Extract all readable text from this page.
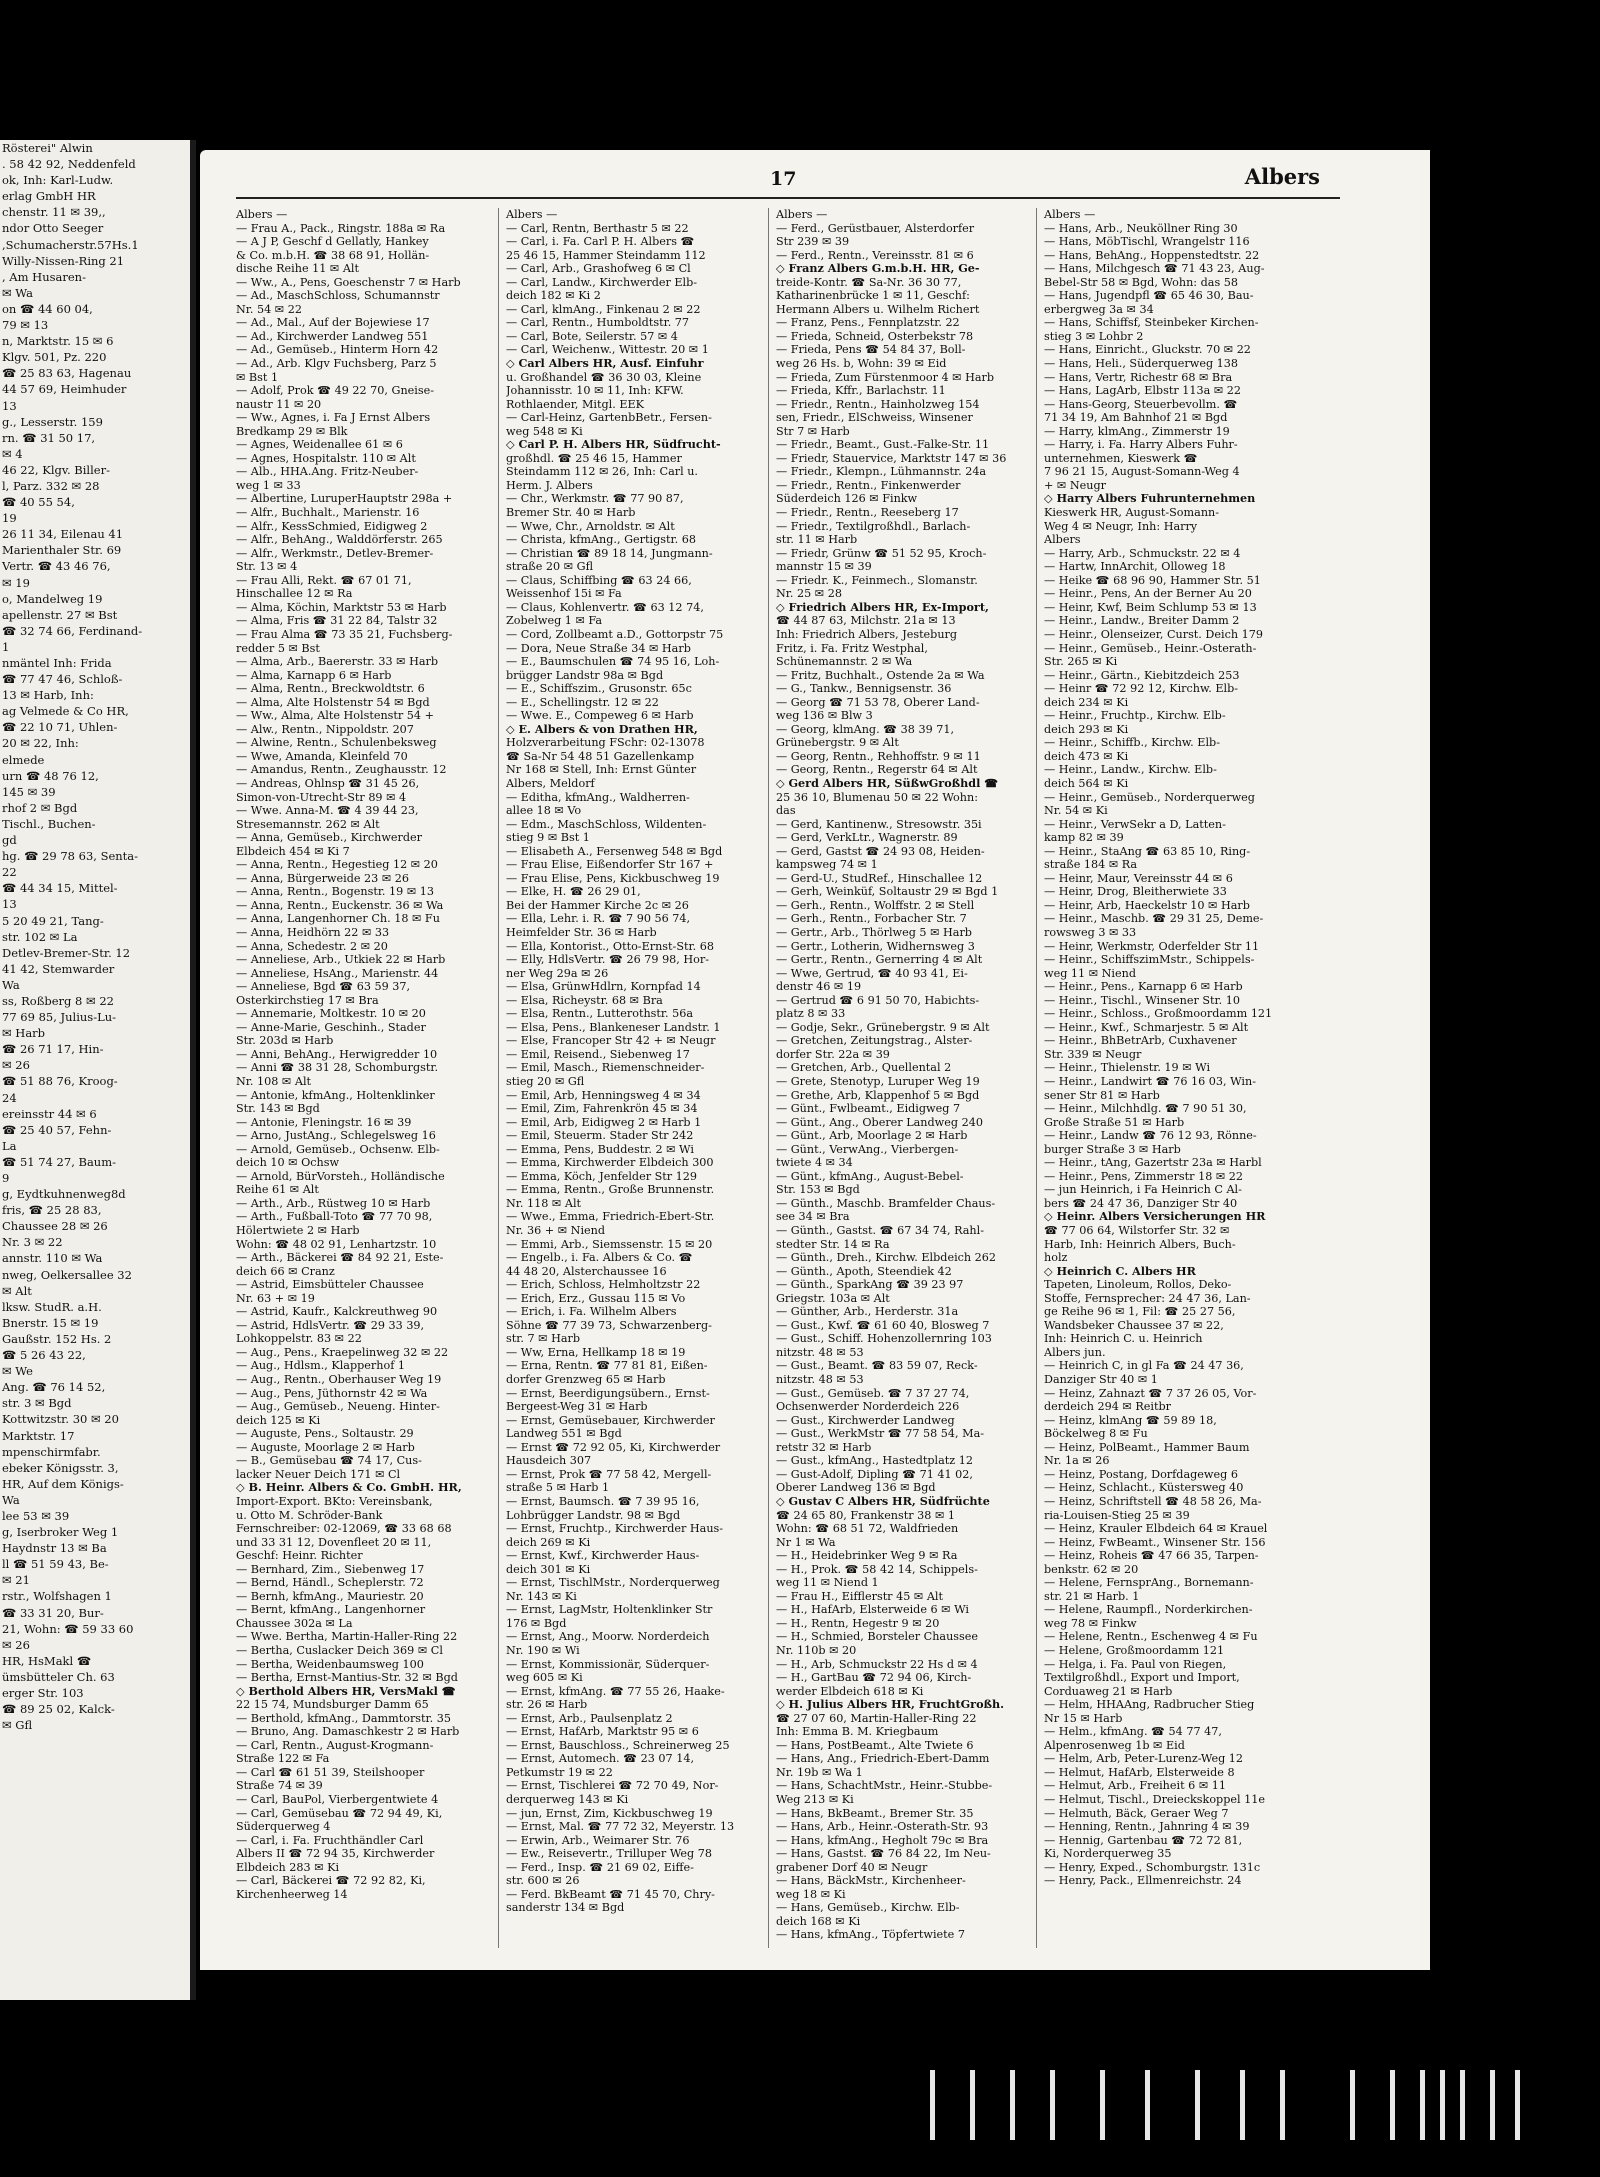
Rösterei" Alwin
. 58 42 92, Neddenfeld
ok, Inh: Karl-Ludw.
erlag GmbH HR
chenstr. 11 ✉ 39,,
ndor Otto Seeger
,Schumacherstr.57Hs.1
Willy-Nissen-Ring 21
, Am Husaren-
✉ Wa
on ☎ 44 60 04,
79 ✉ 13
n, Marktstr. 15 ✉ 6
Klgv. 501, Pz. 220
☎ 25 83 63, Hagenau
44 57 69, Heimhuder
13
g., Lesserstr. 159
rn. ☎ 31 50 17,
✉ 4
46 22, Klgv. Biller-
l, Parz. 332 ✉ 28
☎ 40 55 54,
19
26 11 34, Eilenau 41
Marienthaler Str. 69
Vertr. ☎ 43 46 76,
✉ 19
o, Mandelweg 19
apellenstr. 27 ✉ Bst
☎ 32 74 66, Ferdinand-
1
nmäntel Inh: Frida
☎ 77 47 46, Schloß-
13 ✉ Harb, Inh:
ag Velmede & Co HR,
☎ 22 10 71, Uhlen-
20 ✉ 22, Inh:
elmede
urn ☎ 48 76 12,
145 ✉ 39
rhof 2 ✉ Bgd
Tischl., Buchen-
gd
hg. ☎ 29 78 63, Senta-
22
☎ 44 34 15, Mittel-
13
5 20 49 21, Tang-
str. 102 ✉ La
Detlev-Bremer-Str. 12
41 42, Stemwarder
Wa
ss, Roßberg 8 ✉ 22
77 69 85, Julius-Lu-
✉ Harb
☎ 26 71 17, Hin-
✉ 26
☎ 51 88 76, Kroog-
24
ereinsstr 44 ✉ 6
☎ 25 40 57, Fehn-
La
☎ 51 74 27, Baum-
9
g, Eydtkuhnenweg8d
fris, ☎ 25 28 83,
Chaussee 28 ✉ 26
Nr. 3 ✉ 22
annstr. 110 ✉ Wa
nweg, Oelkersallee 32
✉ Alt
lksw. StudR. a.H.
Bnerstr. 15 ✉ 19
Gaußstr. 152 Hs. 2
☎ 5 26 43 22,
✉ We
Ang. ☎ 76 14 52,
str. 3 ✉ Bgd
Kottwitzstr. 30 ✉ 20
Marktstr. 17
mpenschirmfabr.
ebeker Königsstr. 3,
HR, Auf dem Königs-
Wa
lee 53 ✉ 39
g, Iserbroker Weg 1
Haydnstr 13 ✉ Ba
ll ☎ 51 59 43, Be-
✉ 21
rstr., Wolfshagen 1
☎ 33 31 20, Bur-
21, Wohn: ☎ 59 33 60
✉ 26
HR, HsMakl ☎
ümsbütteler Ch. 63
erger Str. 103
☎ 89 25 02, Kalck-
✉ Gfl
17	Albers
Albers —
— Frau A., Pack., Ringstr. 188a ✉ Ra
— A J P, Geschf d Gellatly, Hankey
& Co. m.b.H. ☎ 38 68 91, Hollän-
dische Reihe 11 ✉ Alt
— Ww., A., Pens, Goeschenstr 7 ✉ Harb
— Ad., MaschSchloss, Schumannstr
Nr. 54 ✉ 22
— Ad., Mal., Auf der Bojewiese 17
— Ad., Kirchwerder Landweg 551
— Ad., Gemüseb., Hinterm Horn 42
— Ad., Arb. Klgv Fuchsberg, Parz 5
✉ Bst 1
— Adolf, Prok ☎ 49 22 70, Gneise-
naustr 11 ✉ 20
— Ww., Agnes, i. Fa J Ernst Albers
Bredkamp 29 ✉ Blk
— Agnes, Weidenallee 61 ✉ 6
— Agnes, Hospitalstr. 110 ✉ Alt
— Alb., HHA.Ang. Fritz-Neuber-
weg 1 ✉ 33
— Albertine, LuruperHauptstr 298a +
— Alfr., Buchhalt., Marienstr. 16
— Alfr., KessSchmied, Eidigweg 2
— Alfr., BehAng., Walddörferstr. 265
— Alfr., Werkmstr., Detlev-Bremer-
Str. 13 ✉ 4
— Frau Alli, Rekt. ☎ 67 01 71,
Hinschallee 12 ✉ Ra
— Alma, Köchin, Marktstr 53 ✉ Harb
— Alma, Fris ☎ 31 22 84, Talstr 32
— Frau Alma ☎ 73 35 21, Fuchsberg-
redder 5 ✉ Bst
— Alma, Arb., Baererstr. 33 ✉ Harb
— Alma, Karnapp 6 ✉ Harb
— Alma, Rentn., Breckwoldtstr. 6
— Alma, Alte Holstenstr 54 ✉ Bgd
— Ww., Alma, Alte Holstenstr 54 +
— Alw., Rentn., Nippoldstr. 207
— Alwine, Rentn., Schulenbeksweg
— Wwe, Amanda, Kleinfeld 70
— Amandus, Rentn., Zeughausstr. 12
— Andreas, Ohlnsp ☎ 31 45 26,
Simon-von-Utrecht-Str 89 ✉ 4
— Wwe. Anna-M. ☎ 4 39 44 23,
Stresemannstr. 262 ✉ Alt
— Anna, Gemüseb., Kirchwerder
Elbdeich 454 ✉ Ki 7
— Anna, Rentn., Hegestieg 12 ✉ 20
— Anna, Bürgerweide 23 ✉ 26
— Anna, Rentn., Bogenstr. 19 ✉ 13
— Anna, Rentn., Euckenstr. 36 ✉ Wa
— Anna, Langenhorner Ch. 18 ✉ Fu
— Anna, Heidhörn 22 ✉ 33
— Anna, Schedestr. 2 ✉ 20
— Anneliese, Arb., Utkiek 22 ✉ Harb
— Anneliese, HsAng., Marienstr. 44
— Anneliese, Bgd ☎ 63 59 37,
Osterkirchstieg 17 ✉ Bra
— Annemarie, Moltkestr. 10 ✉ 20
— Anne-Marie, Geschinh., Stader
Str. 203d ✉ Harb
— Anni, BehAng., Herwigredder 10
— Anni ☎ 38 31 28, Schomburgstr.
Nr. 108 ✉ Alt
— Antonie, kfmAng., Holtenklinker
Str. 143 ✉ Bgd
— Antonie, Fleningstr. 16 ✉ 39
— Arno, JustAng., Schlegelsweg 16
— Arnold, Gemüseb., Ochsenw. Elb-
deich 10 ✉ Ochsw
— Arnold, BürVorsteh., Holländische
Reihe 61 ✉ Alt
— Arth., Arb., Rüstweg 10 ✉ Harb
— Arth., Fußball-Toto ☎ 77 70 98,
Hölertwiete 2 ✉ Harb
Wohn: ☎ 48 02 91, Lenhartzstr. 10
— Arth., Bäckerei ☎ 84 92 21, Este-
deich 66 ✉ Cranz
— Astrid, Eimsbütteler Chaussee
Nr. 63 + ✉ 19
— Astrid, Kaufr., Kalckreuthweg 90
— Astrid, HdlsVertr. ☎ 29 33 39,
Lohkoppelstr. 83 ✉ 22
— Aug., Pens., Kraepelinweg 32 ✉ 22
— Aug., Hdlsm., Klapperhof 1
— Aug., Rentn., Oberhauser Weg 19
— Aug., Pens, Jüthornstr 42 ✉ Wa
— Aug., Gemüseb., Neueng. Hinter-
deich 125 ✉ Ki
— Auguste, Pens., Soltaustr. 29
— Auguste, Moorlage 2 ✉ Harb
— B., Gemüsebau ☎ 74 17, Cus-
lacker Neuer Deich 171 ✉ Cl
◇ B. Heinr. Albers & Co. GmbH. HR,
Import-Export. BKto: Vereinsbank,
u. Otto M. Schröder-Bank
Fernschreiber: 02-12069, ☎ 33 68 68
und 33 31 12, Dovenfleet 20 ✉ 11,
Geschf: Heinr. Richter
— Bernhard, Zim., Siebenweg 17
— Bernd, Händl., Scheplerstr. 72
— Bernh, kfmAng., Mauriestr. 20
— Bernt, kfmAng., Langenhorner
Chaussee 302a ✉ La
— Wwe. Bertha, Martin-Haller-Ring 22
— Bertha, Cuslacker Deich 369 ✉ Cl
— Bertha, Weidenbaumsweg 100
— Bertha, Ernst-Mantius-Str. 32 ✉ Bgd
◇ Berthold Albers HR, VersMakl ☎
22 15 74, Mundsburger Damm 65
— Berthold, kfmAng., Dammtorstr. 35
— Bruno, Ang. Damaschkestr 2 ✉ Harb
— Carl, Rentn., August-Krogmann-
Straße 122 ✉ Fa
— Carl ☎ 61 51 39, Steilshooper
Straße 74 ✉ 39
— Carl, BauPol, Vierbergentwiete 4
— Carl, Gemüsebau ☎ 72 94 49, Ki,
Süderquerweg 4
— Carl, i. Fa. Fruchthändler Carl
Albers II ☎ 72 94 35, Kirchwerder
Elbdeich 283 ✉ Ki
— Carl, Bäckerei ☎ 72 92 82, Ki,
Kirchenheerweg 14
Albers —
— Carl, Rentn, Berthastr 5 ✉ 22
— Carl, i. Fa. Carl P. H. Albers ☎
25 46 15, Hammer Steindamm 112
— Carl, Arb., Grashofweg 6 ✉ Cl
— Carl, Landw., Kirchwerder Elb-
deich 182 ✉ Ki 2
— Carl, klmAng., Finkenau 2 ✉ 22
— Carl, Rentn., Humboldtstr. 77
— Carl, Bote, Seilerstr. 57 ✉ 4
— Carl, Weichenw., Wittestr. 20 ✉ 1
◇ Carl Albers HR, Ausf. Einfuhr
u. Großhandel ☎ 36 30 03, Kleine
Johannisstr. 10 ✉ 11, Inh: KFW.
Rothlaender, Mitgl. EEK
— Carl-Heinz, GartenbBetr., Fersen-
weg 548 ✉ Ki
◇ Carl P. H. Albers HR, Südfrucht-
großhdl. ☎ 25 46 15, Hammer
Steindamm 112 ✉ 26, Inh: Carl u.
Herm. J. Albers
— Chr., Werkmstr. ☎ 77 90 87,
Bremer Str. 40 ✉ Harb
— Wwe, Chr., Arnoldstr. ✉ Alt
— Christa, kfmAng., Gertigstr. 68
— Christian ☎ 89 18 14, Jungmann-
straße 20 ✉ Gfl
— Claus, Schiffbing ☎ 63 24 66,
Weissenhof 15i ✉ Fa
— Claus, Kohlenvertr. ☎ 63 12 74,
Zobelweg 1 ✉ Fa
— Cord, Zollbeamt a.D., Gottorpstr 75
— Dora, Neue Straße 34 ✉ Harb
— E., Baumschulen ☎ 74 95 16, Loh-
brügger Landstr 98a ✉ Bgd
— E., Schiffszim., Grusonstr. 65c
— E., Schellingstr. 12 ✉ 22
— Wwe. E., Compeweg 6 ✉ Harb
◇ E. Albers & von Drathen HR,
Holzverarbeitung FSchr: 02-13078
☎ Sa-Nr 54 48 51 Gazellenkamp
Nr 168 ✉ Stell, Inh: Ernst Günter
Albers, Meldorf
— Editha, kfmAng., Waldherren-
allee 18 ✉ Vo
— Edm., MaschSchloss, Wildenten-
stieg 9 ✉ Bst 1
— Elisabeth A., Fersenweg 548 ✉ Bgd
— Frau Elise, Eißendorfer Str 167 +
— Frau Elise, Pens, Kickbuschweg 19
— Elke, H. ☎ 26 29 01,
Bei der Hammer Kirche 2c ✉ 26
— Ella, Lehr. i. R. ☎ 7 90 56 74,
Heimfelder Str. 36 ✉ Harb
— Ella, Kontorist., Otto-Ernst-Str. 68
— Elly, HdlsVertr. ☎ 26 79 98, Hor-
ner Weg 29a ✉ 26
— Elsa, GrünwHdlrn, Kornpfad 14
— Elsa, Richeystr. 68 ✉ Bra
— Elsa, Rentn., Lutterothstr. 56a
— Elsa, Pens., Blankeneser Landstr. 1
— Else, Francoper Str 42 + ✉ Neugr
— Emil, Reisend., Siebenweg 17
— Emil, Masch., Riemenschneider-
stieg 20 ✉ Gfl
— Emil, Arb, Henningsweg 4 ✉ 34
— Emil, Zim, Fahrenkrön 45 ✉ 34
— Emil, Arb, Eidigweg 2 ✉ Harb 1
— Emil, Steuerm. Stader Str 242
— Emma, Pens, Buddestr. 2 ✉ Wi
— Emma, Kirchwerder Elbdeich 300
— Emma, Köch, Jenfelder Str 129
— Emma, Rentn., Große Brunnenstr.
Nr. 118 ✉ Alt
— Wwe., Emma, Friedrich-Ebert-Str.
Nr. 36 + ✉ Niend
— Emmi, Arb., Siemssenstr. 15 ✉ 20
— Engelb., i. Fa. Albers & Co. ☎
44 48 20, Alsterchaussee 16
— Erich, Schloss, Helmholtzstr 22
— Erich, Erz., Gussau 115 ✉ Vo
— Erich, i. Fa. Wilhelm Albers
Söhne ☎ 77 39 73, Schwarzenberg-
str. 7 ✉ Harb
— Ww, Erna, Hellkamp 18 ✉ 19
— Erna, Rentn. ☎ 77 81 81, Eißen-
dorfer Grenzweg 65 ✉ Harb
— Ernst, Beerdigungsübern., Ernst-
Bergeest-Weg 31 ✉ Harb
— Ernst, Gemüsebauer, Kirchwerder
Landweg 551 ✉ Bgd
— Ernst ☎ 72 92 05, Ki, Kirchwerder
Hausdeich 307
— Ernst, Prok ☎ 77 58 42, Mergell-
straße 5 ✉ Harb 1
— Ernst, Baumsch. ☎ 7 39 95 16,
Lohbrügger Landstr. 98 ✉ Bgd
— Ernst, Fruchtp., Kirchwerder Haus-
deich 269 ✉ Ki
— Ernst, Kwf., Kirchwerder Haus-
deich 301 ✉ Ki
— Ernst, TischlMstr., Norderquerweg
Nr. 143 ✉ Ki
— Ernst, LagMstr, Holtenklinker Str
176 ✉ Bgd
— Ernst, Ang., Moorw. Norderdeich
Nr. 190 ✉ Wi
— Ernst, Kommissionär, Süderquer-
weg 605 ✉ Ki
— Ernst, kfmAng. ☎ 77 55 26, Haake-
str. 26 ✉ Harb
— Ernst, Arb., Paulsenplatz 2
— Ernst, HafArb, Marktstr 95 ✉ 6
— Ernst, Bauschloss., Schreinerweg 25
— Ernst, Automech. ☎ 23 07 14,
Petkumstr 19 ✉ 22
— Ernst, Tischlerei ☎ 72 70 49, Nor-
derquerweg 143 ✉ Ki
— jun, Ernst, Zim, Kickbuschweg 19
— Ernst, Mal. ☎ 77 72 32, Meyerstr. 13
— Erwin, Arb., Weimarer Str. 76
— Ew., Reisevertr., Trilluper Weg 78
— Ferd., Insp. ☎ 21 69 02, Eiffe-
str. 600 ✉ 26
— Ferd. BkBeamt ☎ 71 45 70, Chry-
sanderstr 134 ✉ Bgd
Albers —
— Ferd., Gerüstbauer, Alsterdorfer
Str 239 ✉ 39
— Ferd., Rentn., Vereinsstr. 81 ✉ 6
◇ Franz Albers G.m.b.H. HR, Ge-
treide-Kontr. ☎ Sa-Nr. 36 30 77,
Katharinenbrücke 1 ✉ 11, Geschf:
Hermann Albers u. Wilhelm Richert
— Franz, Pens., Fennplatzstr. 22
— Frieda, Schneid, Osterbekstr 78
— Frieda, Pens ☎ 54 84 37, Boll-
weg 26 Hs. b, Wohn: 39 ✉ Eid
— Frieda, Zum Fürstenmoor 4 ✉ Harb
— Frieda, Kffr., Barlachstr. 11
— Friedr., Rentn., Hainholzweg 154
sen, Friedr., ElSchweiss, Winsener
Str 7 ✉ Harb
— Friedr., Beamt., Gust.-Falke-Str. 11
— Friedr, Stauervice, Marktstr 147 ✉ 36
— Friedr., Klempn., Lühmannstr. 24a
— Friedr., Rentn., Finkenwerder
Süderdeich 126 ✉ Finkw
— Friedr., Rentn., Reeseberg 17
— Friedr., Textilgroßhdl., Barlach-
str. 11 ✉ Harb
— Friedr, Grünw ☎ 51 52 95, Kroch-
mannstr 15 ✉ 39
— Friedr. K., Feinmech., Slomanstr.
Nr. 25 ✉ 28
◇ Friedrich Albers HR, Ex-Import,
☎ 44 87 63, Milchstr. 21a ✉ 13
Inh: Friedrich Albers, Jesteburg
Fritz, i. Fa. Fritz Westphal,
Schünemannstr. 2 ✉ Wa
— Fritz, Buchhalt., Ostende 2a ✉ Wa
— G., Tankw., Bennigsenstr. 36
— Georg ☎ 71 53 78, Oberer Land-
weg 136 ✉ Blw 3
— Georg, klmAng. ☎ 38 39 71,
Grünebergstr. 9 ✉ Alt
— Georg, Rentn., Rehhoffstr. 9 ✉ 11
— Georg, Rentn., Regerstr 64 ✉ Alt
◇ Gerd Albers HR, SüßwGroßhdl ☎
25 36 10, Blumenau 50 ✉ 22 Wohn:
das
— Gerd, Kantinenw., Stresowstr. 35i
— Gerd, VerkLtr., Wagnerstr. 89
— Gerd, Gastst ☎ 24 93 08, Heiden-
kampsweg 74 ✉ 1
— Gerd-U., StudRef., Hinschallee 12
— Gerh, Weinküf, Soltaustr 29 ✉ Bgd 1
— Gerh., Rentn., Wolffstr. 2 ✉ Stell
— Gerh., Rentn., Forbacher Str. 7
— Gertr., Arb., Thörlweg 5 ✉ Harb
— Gertr., Lotherin, Widhernsweg 3
— Gertr., Rentn., Gernerring 4 ✉ Alt
— Wwe, Gertrud, ☎ 40 93 41, Ei-
denstr 46 ✉ 19
— Gertrud ☎ 6 91 50 70, Habichts-
platz 8 ✉ 33
— Godje, Sekr., Grünebergstr. 9 ✉ Alt
— Gretchen, Zeitungstrag., Alster-
dorfer Str. 22a ✉ 39
— Gretchen, Arb., Quellental 2
— Grete, Stenotyp, Luruper Weg 19
— Grethe, Arb, Klappenhof 5 ✉ Bgd
— Günt., Fwlbeamt., Eidigweg 7
— Günt., Ang., Oberer Landweg 240
— Günt., Arb, Moorlage 2 ✉ Harb
— Günt., VerwAng., Vierbergen-
twiete 4 ✉ 34
— Günt., kfmAng., August-Bebel-
Str. 153 ✉ Bgd
— Günth., Maschb. Bramfelder Chaus-
see 34 ✉ Bra
— Günth., Gastst. ☎ 67 34 74, Rahl-
stedter Str. 14 ✉ Ra
— Günth., Dreh., Kirchw. Elbdeich 262
— Günth., Apoth, Steendiek 42
— Günth., SparkAng ☎ 39 23 97
Griegstr. 103a ✉ Alt
— Günther, Arb., Herderstr. 31a
— Gust., Kwf. ☎ 61 60 40, Blosweg 7
— Gust., Schiff. Hohenzollernring 103
nitzstr. 48 ✉ 53
— Gust., Beamt. ☎ 83 59 07, Reck-
nitzstr. 48 ✉ 53
— Gust., Gemüseb. ☎ 7 37 27 74,
Ochsenwerder Norderdeich 226
— Gust., Kirchwerder Landweg
— Gust., WerkMstr ☎ 77 58 54, Ma-
retstr 32 ✉ Harb
— Gust., kfmAng., Hastedtplatz 12
— Gust-Adolf, Dipling ☎ 71 41 02,
Oberer Landweg 136 ✉ Bgd
◇ Gustav C Albers HR, Südfrüchte
☎ 24 65 80, Frankenstr 38 ✉ 1
Wohn: ☎ 68 51 72, Waldfrieden
Nr 1 ✉ Wa
— H., Heidebrinker Weg 9 ✉ Ra
— H., Prok. ☎ 58 42 14, Schippels-
weg 11 ✉ Niend 1
— Frau H., Eifflerstr 45 ✉ Alt
— H., HafArb, Elsterweide 6 ✉ Wi
— H., Rentn, Hegestr 9 ✉ 20
— H., Schmied, Borsteler Chaussee
Nr. 110b ✉ 20
— H., Arb, Schmuckstr 22 Hs d ✉ 4
— H., GartBau ☎ 72 94 06, Kirch-
werder Elbdeich 618 ✉ Ki
◇ H. Julius Albers HR, FruchtGroßh.
☎ 27 07 60, Martin-Haller-Ring 22
Inh: Emma B. M. Kriegbaum
— Hans, PostBeamt., Alte Twiete 6
— Hans, Ang., Friedrich-Ebert-Damm
Nr. 19b ✉ Wa 1
— Hans, SchachtMstr., Heinr.-Stubbe-
Weg 213 ✉ Ki
— Hans, BkBeamt., Bremer Str. 35
— Hans, Arb., Heinr.-Osterath-Str. 93
— Hans, kfmAng., Hegholt 79c ✉ Bra
— Hans, Gastst. ☎ 76 84 22, Im Neu-
grabener Dorf 40 ✉ Neugr
— Hans, BäckMstr., Kirchenheer-
weg 18 ✉ Ki
— Hans, Gemüseb., Kirchw. Elb-
deich 168 ✉ Ki
— Hans, kfmAng., Töpfertwiete 7
Albers —
— Hans, Arb., Neuköllner Ring 30
— Hans, MöbTischl, Wrangelstr 116
— Hans, BehAng., Hoppenstedtstr. 22
— Hans, Milchgesch ☎ 71 43 23, Aug-
Bebel-Str 58 ✉ Bgd, Wohn: das 58
— Hans, Jugendpfl ☎ 65 46 30, Bau-
erbergweg 3a ✉ 34
— Hans, Schiffsf, Steinbeker Kirchen-
stieg 3 ✉ Lohbr 2
— Hans, Einricht., Gluckstr. 70 ✉ 22
— Hans, Heli., Süderquerweg 138
— Hans, Vertr, Richestr 68 ✉ Bra
— Hans, LagArb, Elbstr 113a ✉ 22
— Hans-Georg, Steuerbevollm. ☎
71 34 19, Am Bahnhof 21 ✉ Bgd
— Harry, klmAng., Zimmerstr 19
— Harry, i. Fa. Harry Albers Fuhr-
unternehmen, Kieswerk ☎
7 96 21 15, August-Somann-Weg 4
+ ✉ Neugr
◇ Harry Albers Fuhrunternehmen
Kieswerk HR, August-Somann-
Weg 4 ✉ Neugr, Inh: Harry
Albers
— Harry, Arb., Schmuckstr. 22 ✉ 4
— Hartw, InnArchit, Olloweg 18
— Heike ☎ 68 96 90, Hammer Str. 51
— Heinr., Pens, An der Berner Au 20
— Heinr, Kwf, Beim Schlump 53 ✉ 13
— Heinr., Landw., Breiter Damm 2
— Heinr., Olenseizer, Curst. Deich 179
— Heinr., Gemüseb., Heinr.-Osterath-
Str. 265 ✉ Ki
— Heinr., Gärtn., Kiebitzdeich 253
— Heinr ☎ 72 92 12, Kirchw. Elb-
deich 234 ✉ Ki
— Heinr., Fruchtp., Kirchw. Elb-
deich 293 ✉ Ki
— Heinr., Schiffb., Kirchw. Elb-
deich 473 ✉ Ki
— Heinr., Landw., Kirchw. Elb-
deich 564 ✉ Ki
— Heinr., Gemüseb., Norderquerweg
Nr. 54 ✉ Ki
— Heinr., VerwSekr a D, Latten-
kamp 82 ✉ 39
— Heinr., StaAng ☎ 63 85 10, Ring-
straße 184 ✉ Ra
— Heinr, Maur, Vereinsstr 44 ✉ 6
— Heinr, Drog, Bleitherwiete 33
— Heinr, Arb, Haeckelstr 10 ✉ Harb
— Heinr., Maschb. ☎ 29 31 25, Deme-
rowsweg 3 ✉ 33
— Heinr, Werkmstr, Oderfelder Str 11
— Heinr., SchiffszimMstr., Schippels-
weg 11 ✉ Niend
— Heinr., Pens., Karnapp 6 ✉ Harb
— Heinr., Tischl., Winsener Str. 10
— Heinr., Schloss., Großmoordamm 121
— Heinr., Kwf., Schmarjestr. 5 ✉ Alt
— Heinr., BhBetrArb, Cuxhavener
Str. 339 ✉ Neugr
— Heinr., Thielenstr. 19 ✉ Wi
— Heinr., Landwirt ☎ 76 16 03, Win-
sener Str 81 ✉ Harb
— Heinr., Milchhdlg. ☎ 7 90 51 30,
Große Straße 51 ✉ Harb
— Heinr., Landw ☎ 76 12 93, Rönne-
burger Straße 3 ✉ Harb
— Heinr., tAng, Gazertstr 23a ✉ Harbl
— Heinr., Pens, Zimmerstr 18 ✉ 22
— jun Heinrich, i Fa Heinrich C Al-
bers ☎ 24 47 36, Danziger Str 40
◇ Heinr. Albers Versicherungen HR
☎ 77 06 64, Wilstorfer Str. 32 ✉
Harb, Inh: Heinrich Albers, Buch-
holz
◇ Heinrich C. Albers HR
Tapeten, Linoleum, Rollos, Deko-
Stoffe, Fernsprecher: 24 47 36, Lan-
ge Reihe 96 ✉ 1, Fil: ☎ 25 27 56,
Wandsbeker Chaussee 37 ✉ 22,
Inh: Heinrich C. u. Heinrich
Albers jun.
— Heinrich C, in gl Fa ☎ 24 47 36,
Danziger Str 40 ✉ 1
— Heinz, Zahnazt ☎ 7 37 26 05, Vor-
derdeich 294 ✉ Reitbr
— Heinz, klmAng ☎ 59 89 18,
Böckelweg 8 ✉ Fu
— Heinz, PolBeamt., Hammer Baum
Nr. 1a ✉ 26
— Heinz, Postang, Dorfdageweg 6
— Heinz, Schlacht., Küstersweg 40
— Heinz, Schriftstell ☎ 48 58 26, Ma-
ria-Louisen-Stieg 25 ✉ 39
— Heinz, Krauler Elbdeich 64 ✉ Krauel
— Heinz, FwBeamt., Winsener Str. 156
— Heinz, Roheis ☎ 47 66 35, Tarpen-
benkstr. 62 ✉ 20
— Helene, FernsprAng., Bornemann-
str. 21 ✉ Harb. 1
— Helene, Raumpfl., Norderkirchen-
weg 78 ✉ Finkw
— Helene, Rentn., Eschenweg 4 ✉ Fu
— Helene, Großmoordamm 121
— Helga, i. Fa. Paul von Riegen,
Textilgroßhdl., Export und Import,
Corduaweg 21 ✉ Harb
— Helm, HHAAng, Radbrucher Stieg
Nr 15 ✉ Harb
— Helm., kfmAng. ☎ 54 77 47,
Alpenrosenweg 1b ✉ Eid
— Helm, Arb, Peter-Lurenz-Weg 12
— Helmut, HafArb, Elsterweide 8
— Helmut, Arb., Freiheit 6 ✉ 11
— Helmut, Tischl., Dreieckskoppel 11e
— Helmuth, Bäck, Geraer Weg 7
— Henning, Rentn., Jahnring 4 ✉ 39
— Hennig, Gartenbau ☎ 72 72 81,
Ki, Norderquerweg 35
— Henry, Exped., Schomburgstr. 131c
— Henry, Pack., Ellmenreichstr. 24
